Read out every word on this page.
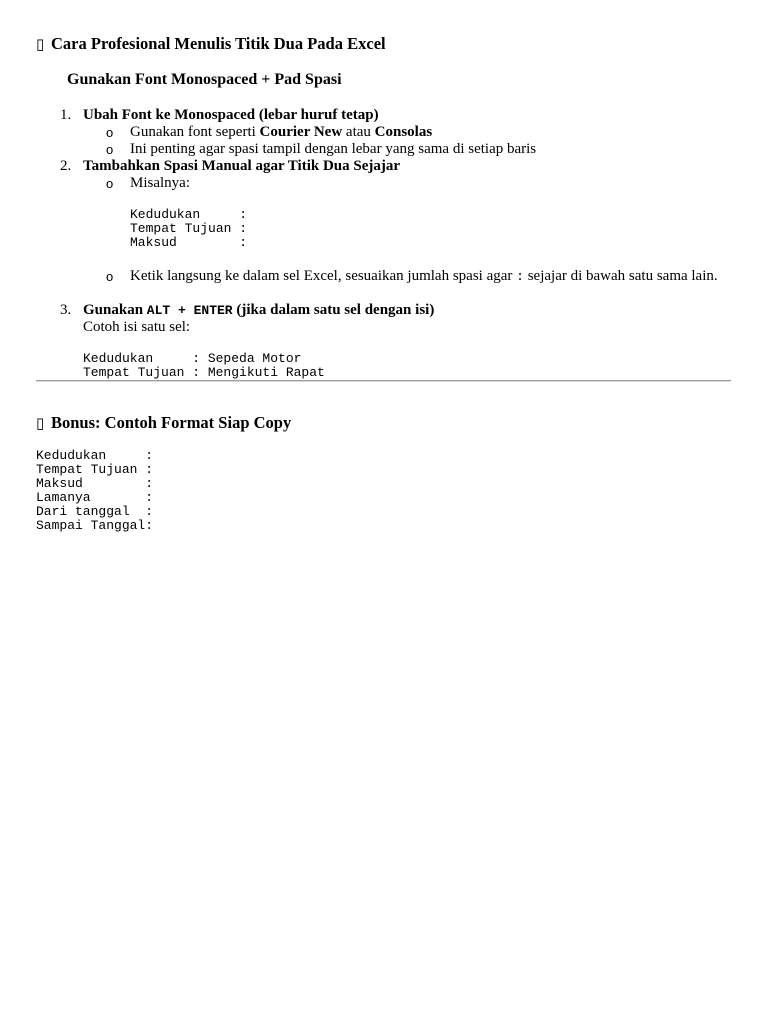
▯ Cara Profesional Menulis Titik Dua Pada Excel
Gunakan Font Monospaced + Pad Spasi
1. Ubah Font ke Monospaced (lebar huruf tetap)
o Gunakan font seperti Courier New atau Consolas
o Ini penting agar spasi tampil dengan lebar yang sama di setiap baris
2. Tambahkan Spasi Manual agar Titik Dua Sejajar
o Misalnya:
Kedudukan     :
Tempat Tujuan :
Maksud        :
o Ketik langsung ke dalam sel Excel, sesuaikan jumlah spasi agar : sejajar di bawah satu sama lain.
3. Gunakan ALT + ENTER (jika dalam satu sel dengan isi)
Cotoh isi satu sel:
Kedudukan     : Sepeda Motor
Tempat Tujuan : Mengikuti Rapat
▯ Bonus: Contoh Format Siap Copy
Kedudukan     :
Tempat Tujuan :
Maksud        :
Lamanya       :
Dari tanggal  :
Sampai Tanggal:
